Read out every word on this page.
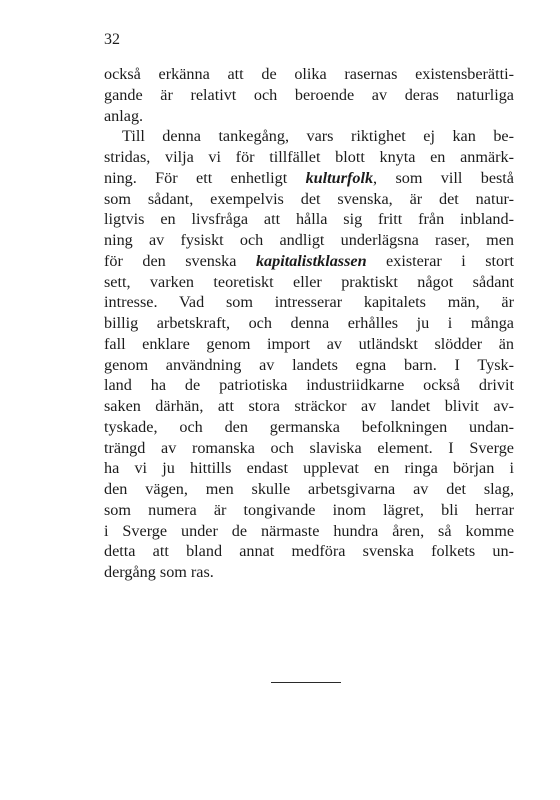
32
också erkänna att de olika rasernas existensberätti-
gande är relativt och beroende av deras naturliga
anlag.
Till denna tankegång, vars riktighet ej kan be-
stridas, vilja vi för tillfället blott knyta en anmärk-
ning. För ett enhetligt kulturfolk, som vill bestå
som sådant, exempelvis det svenska, är det natur-
ligtvis en livsfråga att hålla sig fritt från inbland-
ning av fysiskt och andligt underlägsna raser, men
för den svenska kapitalistklassen existerar i stort
sett, varken teoretiskt eller praktiskt något sådant
intresse. Vad som intresserar kapitalets män, är
billig arbetskraft, och denna erhålles ju i många
fall enklare genom import av utländskt slödder än
genom användning av landets egna barn. I Tysk-
land ha de patriotiska industriidkarne också drivit
saken därhän, att stora sträckor av landet blivit av-
tyskade, och den germanska befolkningen undan-
trängd av romanska och slaviska element. I Sverge
ha vi ju hittills endast upplevat en ringa början i
den vägen, men skulle arbetsgivarna av det slag,
som numera är tongivande inom lägret, bli herrar
i Sverge under de närmaste hundra åren, så komme
detta att bland annat medföra svenska folkets un-
dergång som ras.
